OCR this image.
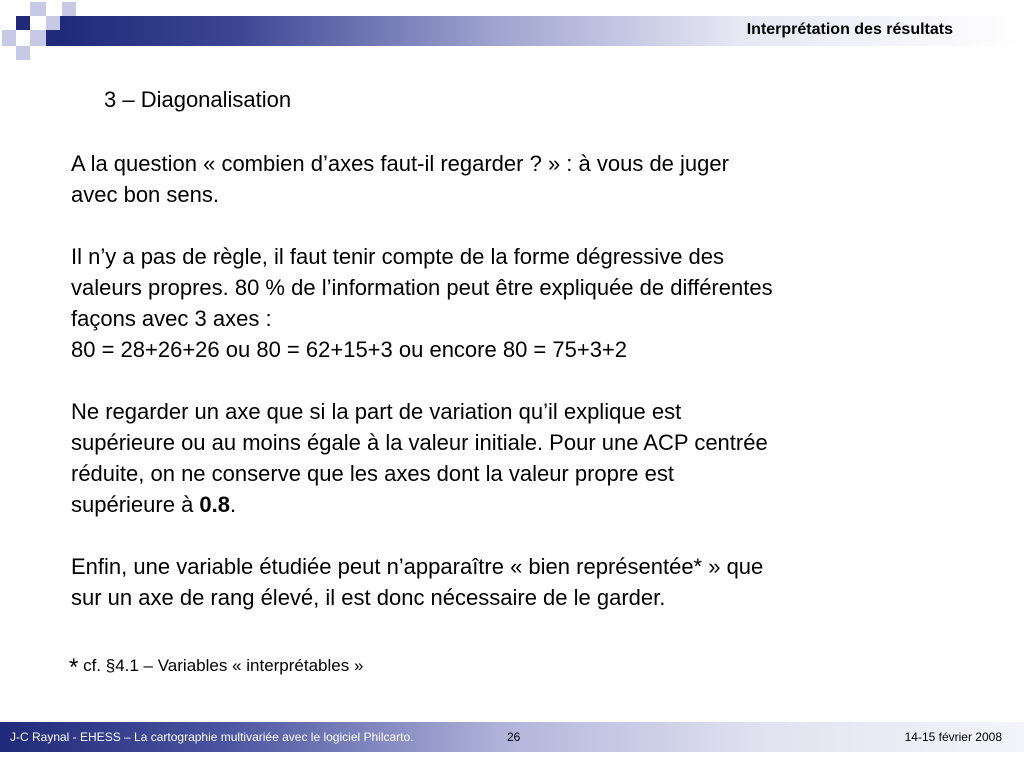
Interprétation des résultats
3 – Diagonalisation

A la question « combien d’axes faut-il regarder ? » : à vous de juger
avec bon sens.

Il n’y a pas de règle, il faut tenir compte de la forme dégressive des
valeurs propres. 80 % de l’information peut être expliquée de différentes
façons avec 3 axes :
80 = 28+26+26 ou 80 = 62+15+3 ou encore 80 = 75+3+2

Ne regarder un axe que si la part de variation qu’il explique est
supérieure ou au moins égale à la valeur initiale. Pour une ACP centrée
réduite, on ne conserve que les axes dont la valeur propre est
supérieure à 0.8.

Enfin, une variable étudiée peut n’apparaître « bien représentée* » que
sur un axe de rang élevé, il est donc nécessaire de le garder.

* cf. §4.1 – Variables « interprétables »
J-C Raynal - EHESS – La cartographie multivariée avec le logiciel Philcarto.	26	14-15 février 2008
